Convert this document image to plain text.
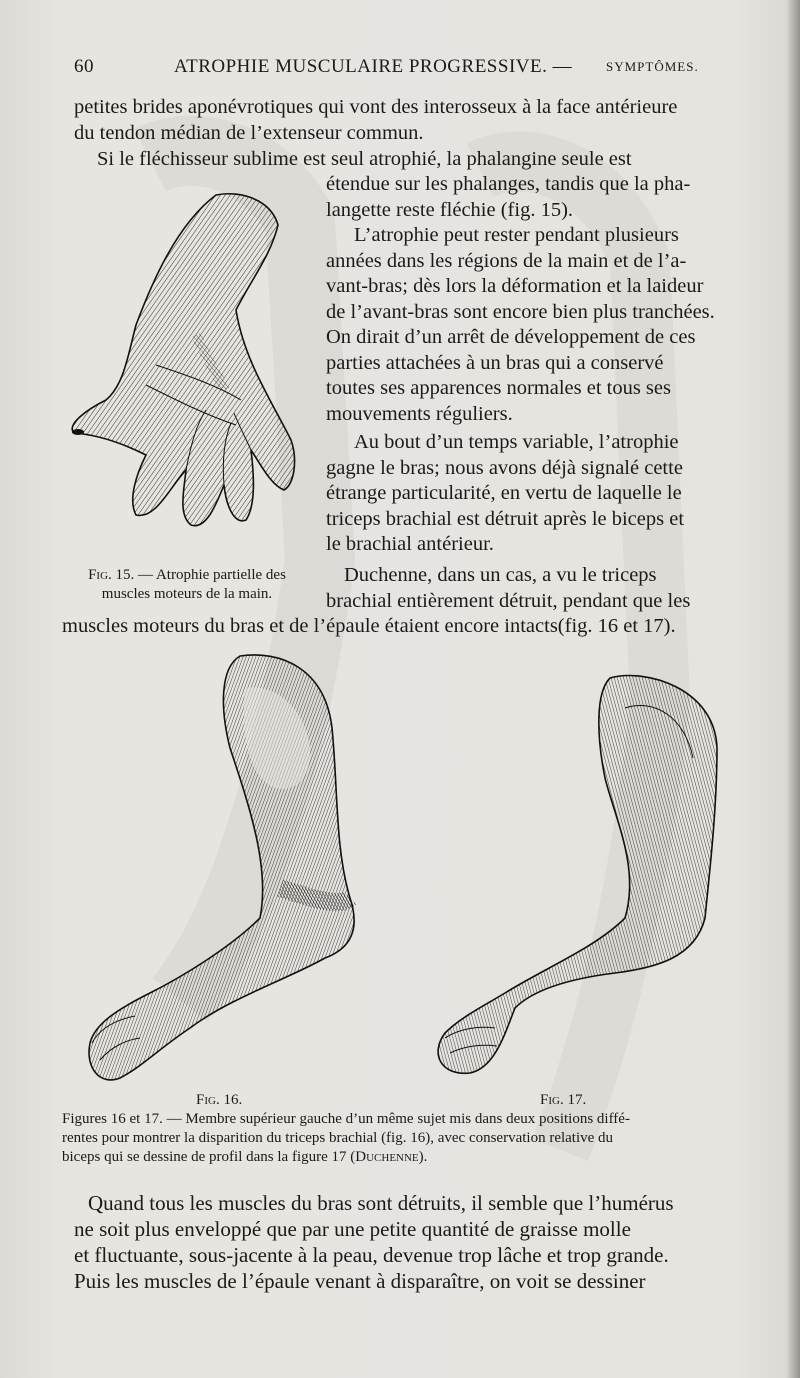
60	ATROPHIE MUSCULAIRE PROGRESSIVE. —	SYMPTÔMES.
petites brides aponévrotiques qui vont des interosseux à la face antérieure
du tendon médian de l’extenseur commun.
Si le fléchisseur sublime est seul atrophié, la phalangine seule est
étendue sur les phalanges, tandis que la pha-
langette reste fléchie (fig. 15).
L’atrophie peut rester pendant plusieurs
années dans les régions de la main et de l’a-
vant-bras; dès lors la déformation et la laideur
de l’avant-bras sont encore bien plus tranchées.
On dirait d’un arrêt de développement de ces
parties attachées à un bras qui a conservé
toutes ses apparences normales et tous ses
mouvements réguliers.
Au bout d’un temps variable, l’atrophie
gagne le bras; nous avons déjà signalé cette
étrange particularité, en vertu de laquelle le
triceps brachial est détruit après le biceps et
le brachial antérieur.
Duchenne, dans un cas, a vu le triceps
brachial entièrement détruit, pendant que les
muscles moteurs du bras et de l’épaule étaient encore intacts(fig. 16 et 17).
Fig. 15. — Atrophie partielle des
muscles moteurs de la main.
Fig. 16.	Fig. 17.
Figures 16 et 17. — Membre supérieur gauche d’un même sujet mis dans deux positions diffé-
rentes pour montrer la disparition du triceps brachial (fig. 16), avec conservation relative du
biceps qui se dessine de profil dans la figure 17 (Duchenne).
Quand tous les muscles du bras sont détruits, il semble que l’humérus
ne soit plus enveloppé que par une petite quantité de graisse molle
et fluctuante, sous-jacente à la peau, devenue trop lâche et trop grande.
Puis les muscles de l’épaule venant à disparaître, on voit se dessiner
